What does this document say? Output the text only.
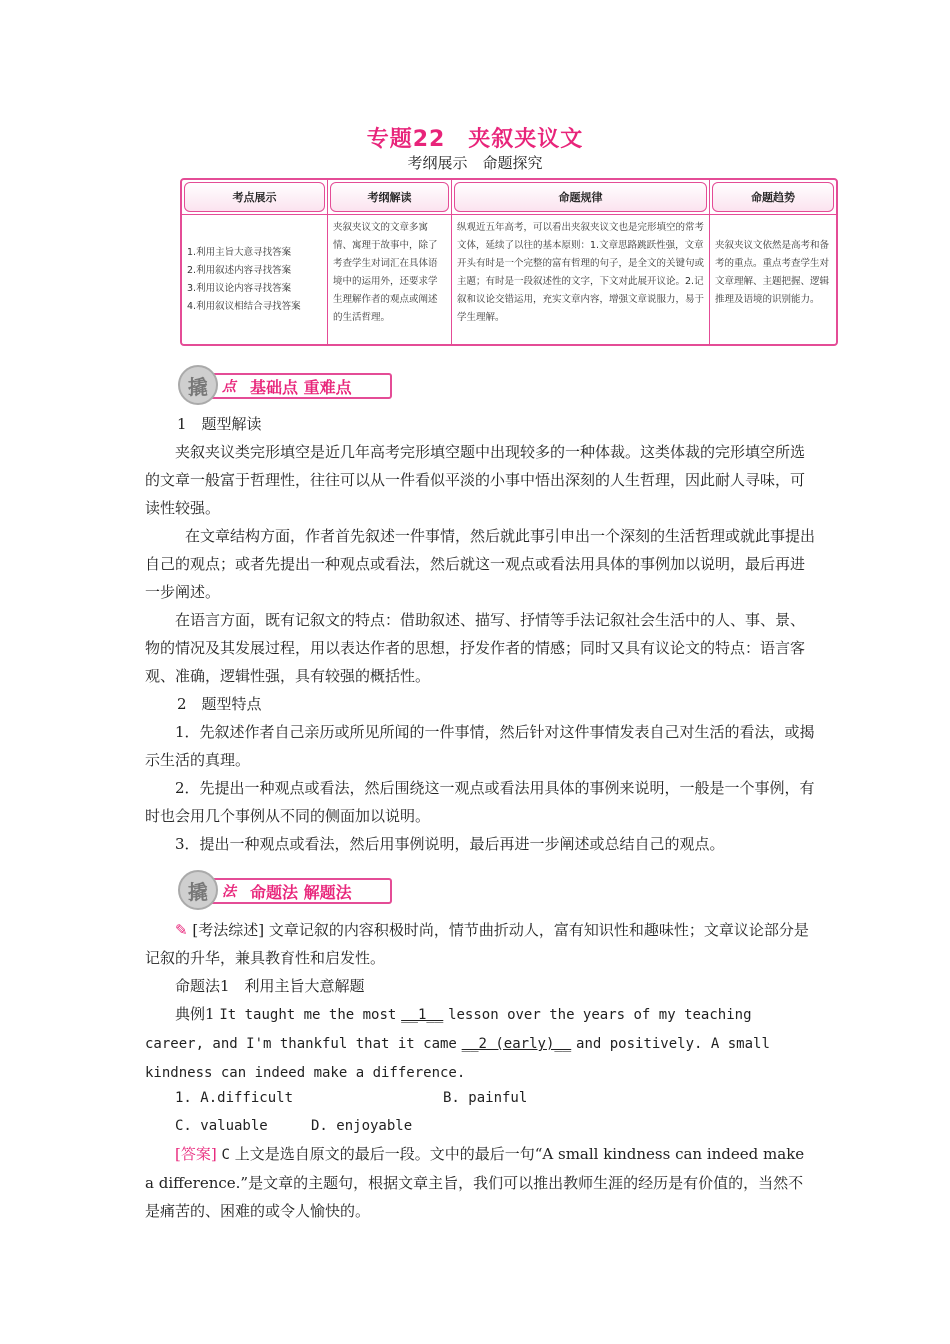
专题22　夹叙夹议文
考纲展示　命题探究
考点展示
1.利用主旨大意寻找答案
2.利用叙述内容寻找答案
3.利用议论内容寻找答案
4.利用叙议相结合寻找答案
考纲解读
夹叙夹议文的文章多寓情、寓理于故事中，除了考查学生对词汇在具体语境中的运用外，还要求学生理解作者的观点或阐述的生活哲理。
命题规律
纵观近五年高考，可以看出夹叙夹议文也是完形填空的常考文体，延续了以往的基本原则：1.文章思路跳跃性强，文章开头有时是一个完整的富有哲理的句子，是全文的关键句或主题；有时是一段叙述性的文字，下文对此展开议论。2.记叙和议论交错运用，充实文章内容，增强文章说服力，易于学生理解。
命题趋势
夹叙夹议文依然是高考和备考的重点。重点考查学生对文章理解、主题把握、逻辑推理及语境的识别能力。
点 基础点 重难点
撬
1　题型解读

夹叙夹议类完形填空是近几年高考完形填空题中出现较多的一种体裁。这类体裁的完形填空所选的文章一般富于哲理性，往往可以从一件看似平淡的小事中悟出深刻的人生哲理，因此耐人寻味，可读性较强。

在文章结构方面，作者首先叙述一件事情，然后就此事引申出一个深刻的生活哲理或就此事提出自己的观点；或者先提出一种观点或看法，然后就这一观点或看法用具体的事例加以说明，最后再进一步阐述。

在语言方面，既有记叙文的特点：借助叙述、描写、抒情等手法记叙社会生活中的人、事、景、物的情况及其发展过程，用以表达作者的思想，抒发作者的情感；同时又具有议论文的特点：语言客观、准确，逻辑性强，具有较强的概括性。

2　题型特点

1．先叙述作者自己亲历或所见所闻的一件事情，然后针对这件事情发表自己对生活的看法，或揭示生活的真理。

2．先提出一种观点或看法，然后围绕这一观点或看法用具体的事例来说明，一般是一个事例，有时也会用几个事例从不同的侧面加以说明。

3．提出一种观点或看法，然后用事例说明，最后再进一步阐述或总结自己的观点。

法 命题法 解题法
撬

✎ [考法综述] 文章记叙的内容积极时尚，情节曲折动人，富有知识性和趣味性；文章议论部分是记叙的升华，兼具教育性和启发性。

命题法1　利用主旨大意解题

典例1 It taught me the most __1__ lesson over the years of my teaching career, and I'm thankful that it came __2 (early)__ and positively. A small kindness can indeed make a difference.

1. A.difficult	B. painful
C. valuable	D. enjoyable

[答案] C 上文是选自原文的最后一段。文中的最后一句“A small kindness can indeed make a difference.”是文章的主题句，根据文章主旨，我们可以推出教师生涯的经历是有价值的，当然不是痛苦的、困难的或令人愉快的。
